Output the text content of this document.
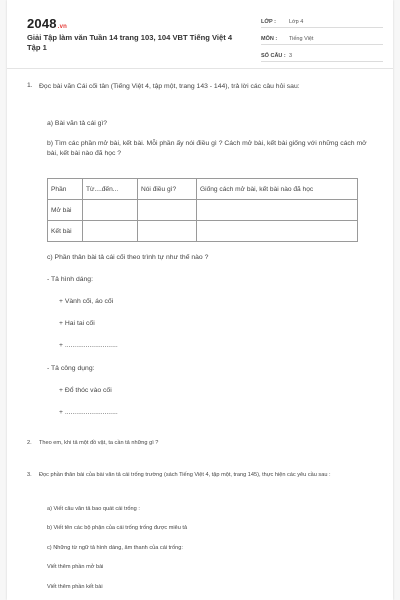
2048.vn
Giải Tập làm văn Tuần 14 trang 103, 104 VBT Tiếng Việt 4 Tập 1
LỚP :	Lớp 4
MÔN :	Tiếng Việt
SỐ CÂU : 3
1. Đọc bài văn Cái cối tân (Tiếng Việt 4, tập một, trang 143 - 144), trả lời các câu hỏi sau:
a) Bài văn tả cái gì?
b) Tìm các phần mở bài, kết bài. Mỗi phần ấy nói điều gì ? Cách mở bài, kết bài giống với những cách mở bài, kết bài nào đã học ?
Phần	Từ....đến...	Nói điều gì?	Giống cách mở bài, kết bài nào đã học
Mở bài			
Kết bài			
c) Phần thân bài tả cái cối theo trình tự như thế nào ?
- Tả hình dáng:
+ Vành cối, áo cối
+ Hai tai cối
+ ............................
- Tả công dụng:
+ Đổ thóc vào cối
+ ............................
2. Theo em, khi tả một đồ vật, ta cần tả những gì ?
3. Đọc phần thân bài của bài văn tả cái trống trường (sách Tiếng Việt 4, tập một, trang 145), thực hiện các yêu cầu sau :
a) Viết câu văn tả bao quát cái trống :
b) Viết tên các bộ phận của cái trống trống được miêu tả
c) Những từ ngữ tả hình dáng, âm thanh của cái trống:
Viết thêm phần mở bài
Viết thêm phần kết bài
